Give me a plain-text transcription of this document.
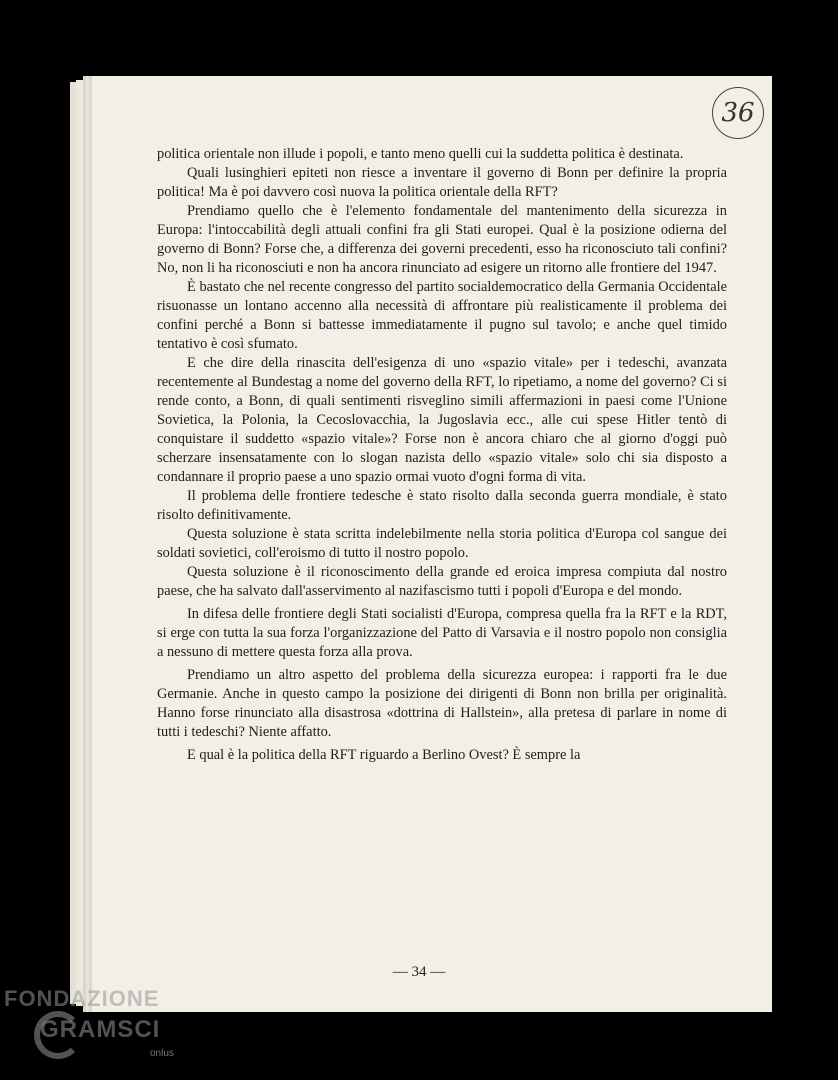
36

politica orientale non illude i popoli, e tanto meno quelli cui la suddetta politica è destinata.

Quali lusinghieri epiteti non riesce a inventare il governo di Bonn per definire la propria politica! Ma è poi davvero così nuova la politica orientale della RFT?

Prendiamo quello che è l'elemento fondamentale del mantenimento della sicurezza in Europa: l'intoccabilità degli attuali confini fra gli Stati europei. Qual è la posizione odierna del governo di Bonn? Forse che, a differenza dei governi precedenti, esso ha riconosciuto tali confini? No, non li ha riconosciuti e non ha ancora rinunciato ad esigere un ritorno alle frontiere del 1947.

È bastato che nel recente congresso del partito socialdemocratico della Germania Occidentale risuonasse un lontano accenno alla necessità di affrontare più realisticamente il problema dei confini perché a Bonn si battesse immediatamente il pugno sul tavolo; e anche quel timido tentativo è così sfumato.

E che dire della rinascita dell'esigenza di uno «spazio vitale» per i tedeschi, avanzata recentemente al Bundestag a nome del governo della RFT, lo ripetiamo, a nome del governo? Ci si rende conto, a Bonn, di quali sentimenti risveglino simili affermazioni in paesi come l'Unione Sovietica, la Polonia, la Cecoslovacchia, la Jugoslavia ecc., alle cui spese Hitler tentò di conquistare il suddetto «spazio vitale»? Forse non è ancora chiaro che al giorno d'oggi può scherzare insensatamente con lo slogan nazista dello «spazio vitale» solo chi sia disposto a condannare il proprio paese a uno spazio ormai vuoto d'ogni forma di vita.

Il problema delle frontiere tedesche è stato risolto dalla seconda guerra mondiale, è stato risolto definitivamente.

Questa soluzione è stata scritta indelebilmente nella storia politica d'Europa col sangue dei soldati sovietici, coll'eroismo di tutto il nostro popolo.

Questa soluzione è il riconoscimento della grande ed eroica impresa compiuta dal nostro paese, che ha salvato dall'asservimento al nazifascismo tutti i popoli d'Europa e del mondo.

In difesa delle frontiere degli Stati socialisti d'Europa, compresa quella fra la RFT e la RDT, si erge con tutta la sua forza l'organizzazione del Patto di Varsavia e il nostro popolo non consiglia a nessuno di mettere questa forza alla prova.

Prendiamo un altro aspetto del problema della sicurezza europea: i rapporti fra le due Germanie. Anche in questo campo la posizione dei dirigenti di Bonn non brilla per originalità. Hanno forse rinunciato alla disastrosa «dottrina di Hallstein», alla pretesa di parlare in nome di tutti i tedeschi? Niente affatto.

E qual è la politica della RFT riguardo a Berlino Ovest? È sempre la

— 34 —
FONDAZIONE
GRAMSCI
onlus
